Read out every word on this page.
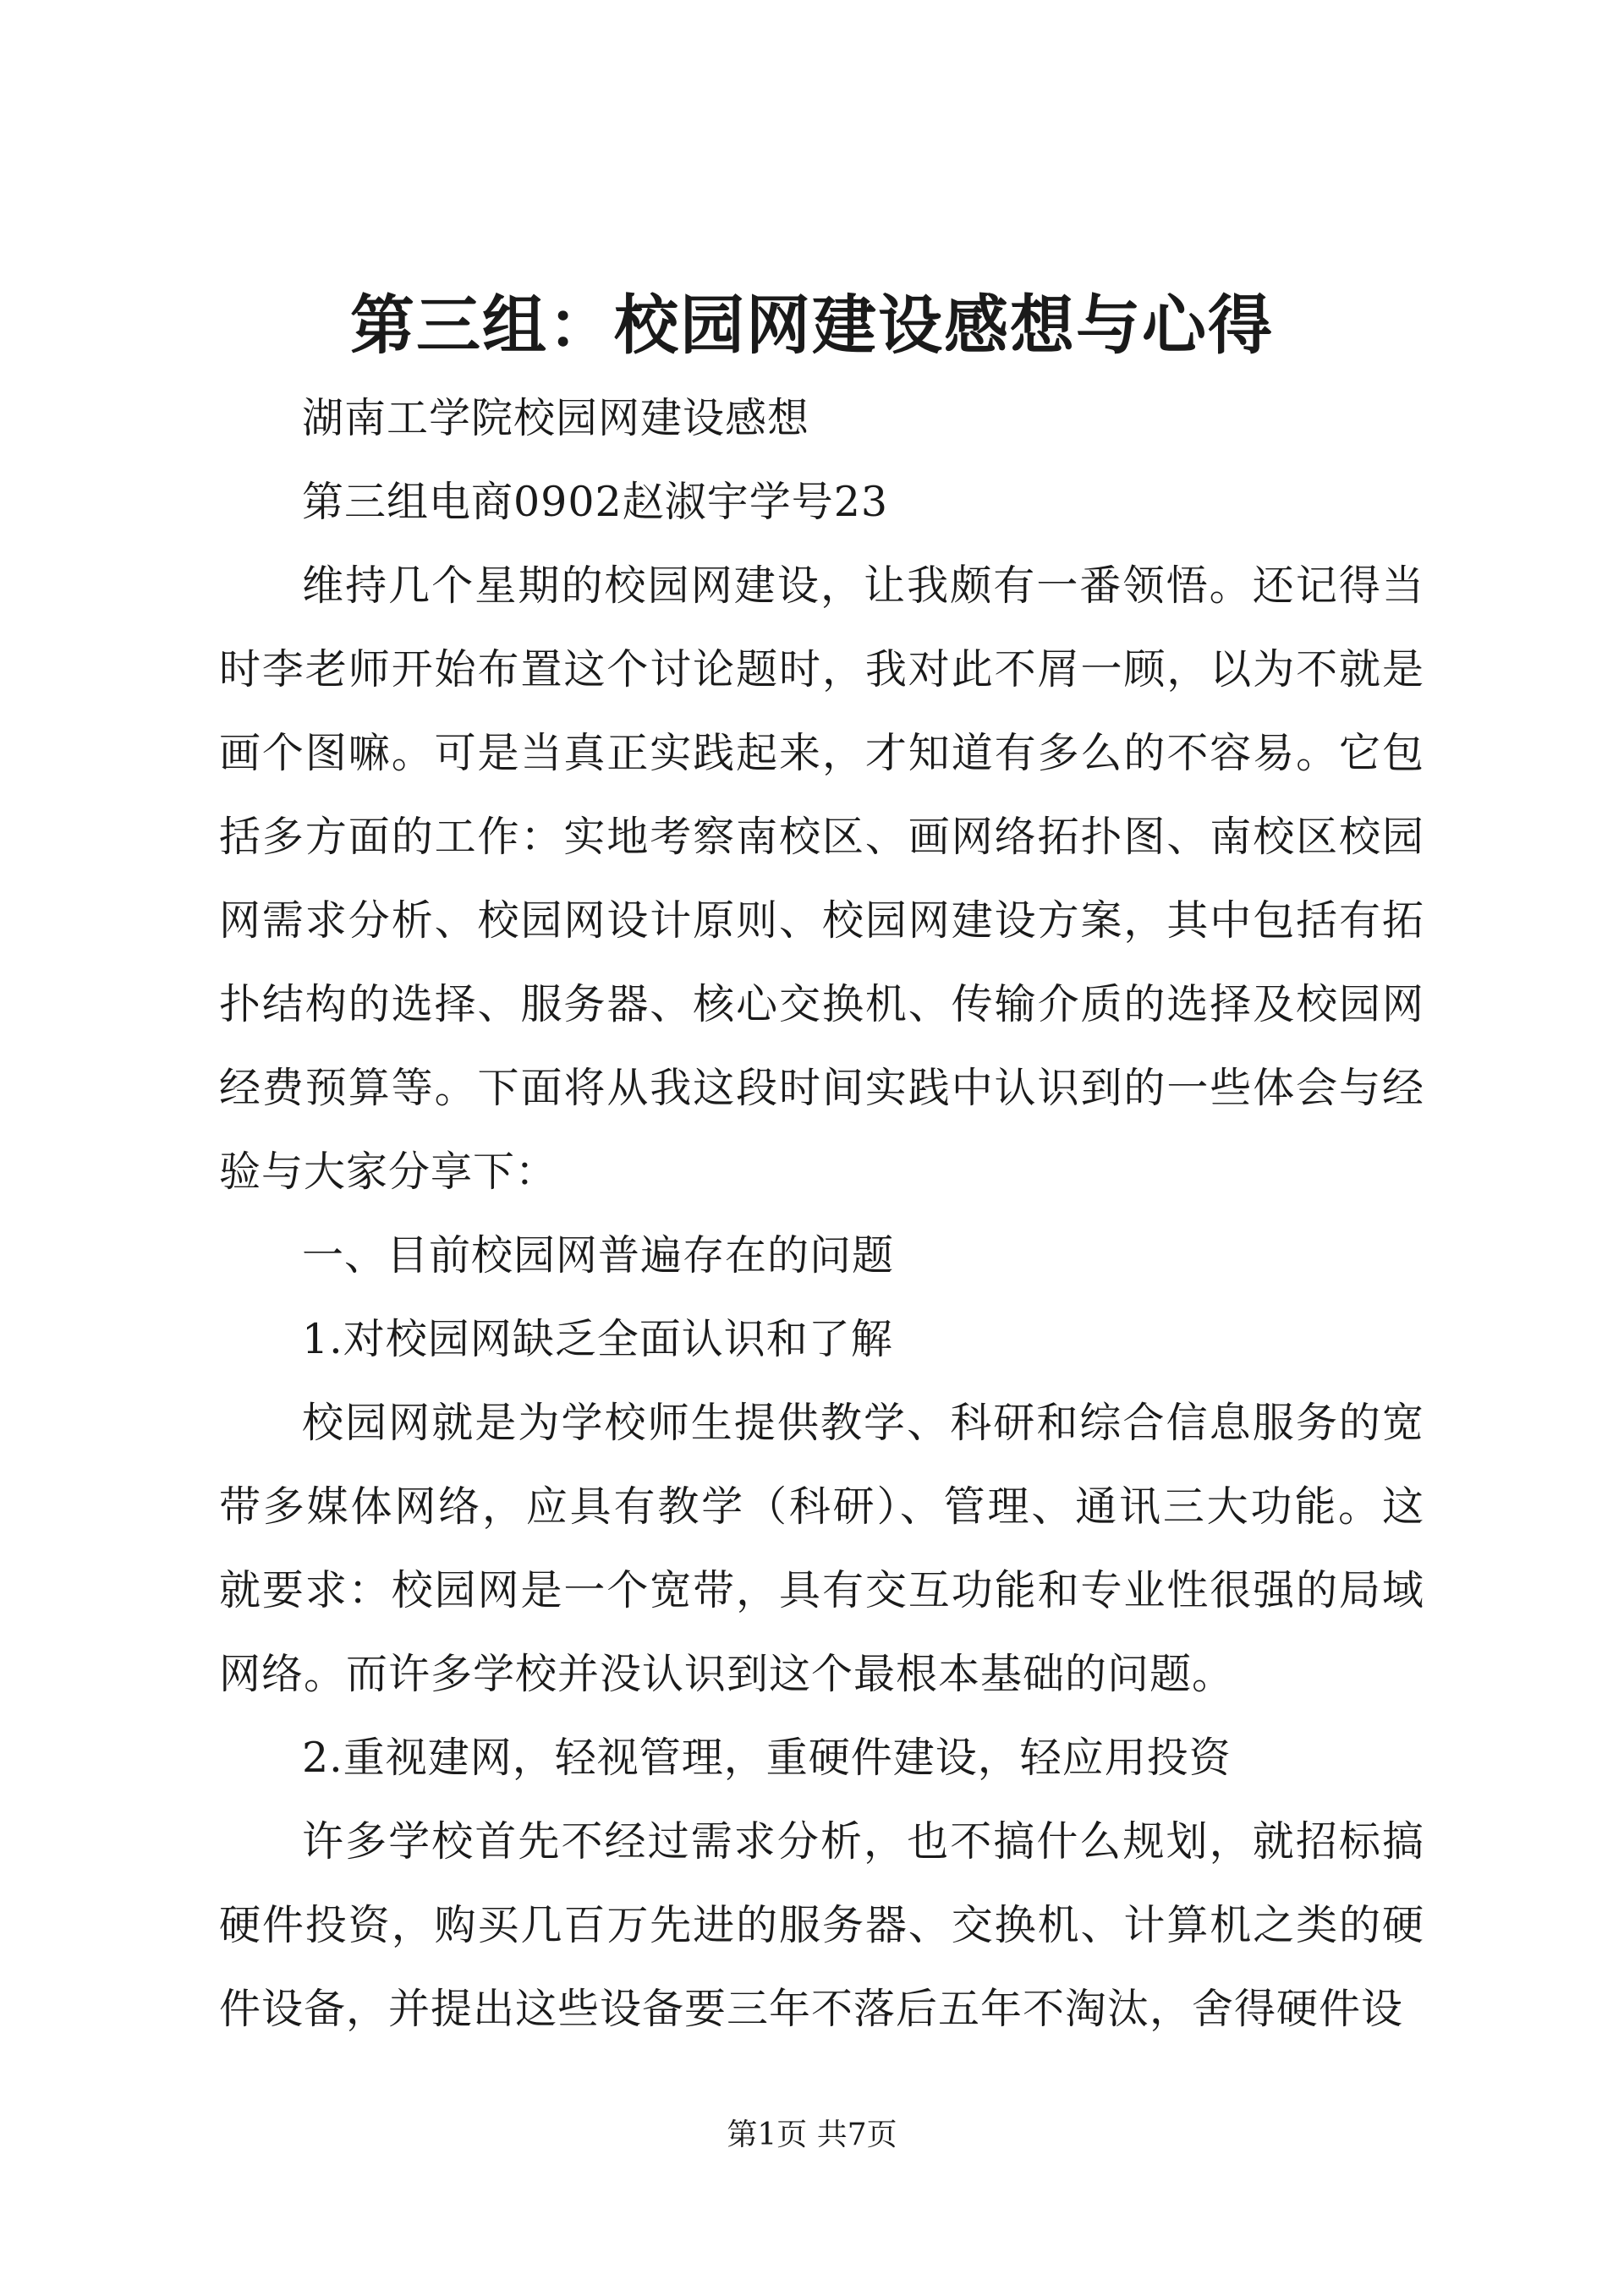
第三组：校园网建设感想与心得

湖南工学院校园网建设感想

第三组电商0902赵淑宇学号23

维持几个星期的校园网建设，让我颇有一番领悟。还记得当时李老师开始布置这个讨论题时，我对此不屑一顾，以为不就是画个图嘛。可是当真正实践起来，才知道有多么的不容易。它包括多方面的工作：实地考察南校区、画网络拓扑图、南校区校园网需求分析、校园网设计原则、校园网建设方案，其中包括有拓扑结构的选择、服务器、核心交换机、传输介质的选择及校园网经费预算等。下面将从我这段时间实践中认识到的一些体会与经验与大家分享下：

一、目前校园网普遍存在的问题

1.对校园网缺乏全面认识和了解

校园网就是为学校师生提供教学、科研和综合信息服务的宽带多媒体网络，应具有教学（科研）、管理、通讯三大功能。这就要求：校园网是一个宽带，具有交互功能和专业性很强的局域网络。而许多学校并没认识到这个最根本基础的问题。

2.重视建网，轻视管理，重硬件建设，轻应用投资

许多学校首先不经过需求分析，也不搞什么规划，就招标搞硬件投资，购买几百万先进的服务器、交换机、计算机之类的硬件设备，并提出这些设备要三年不落后五年不淘汰，舍得硬件设

第1页 共7页
